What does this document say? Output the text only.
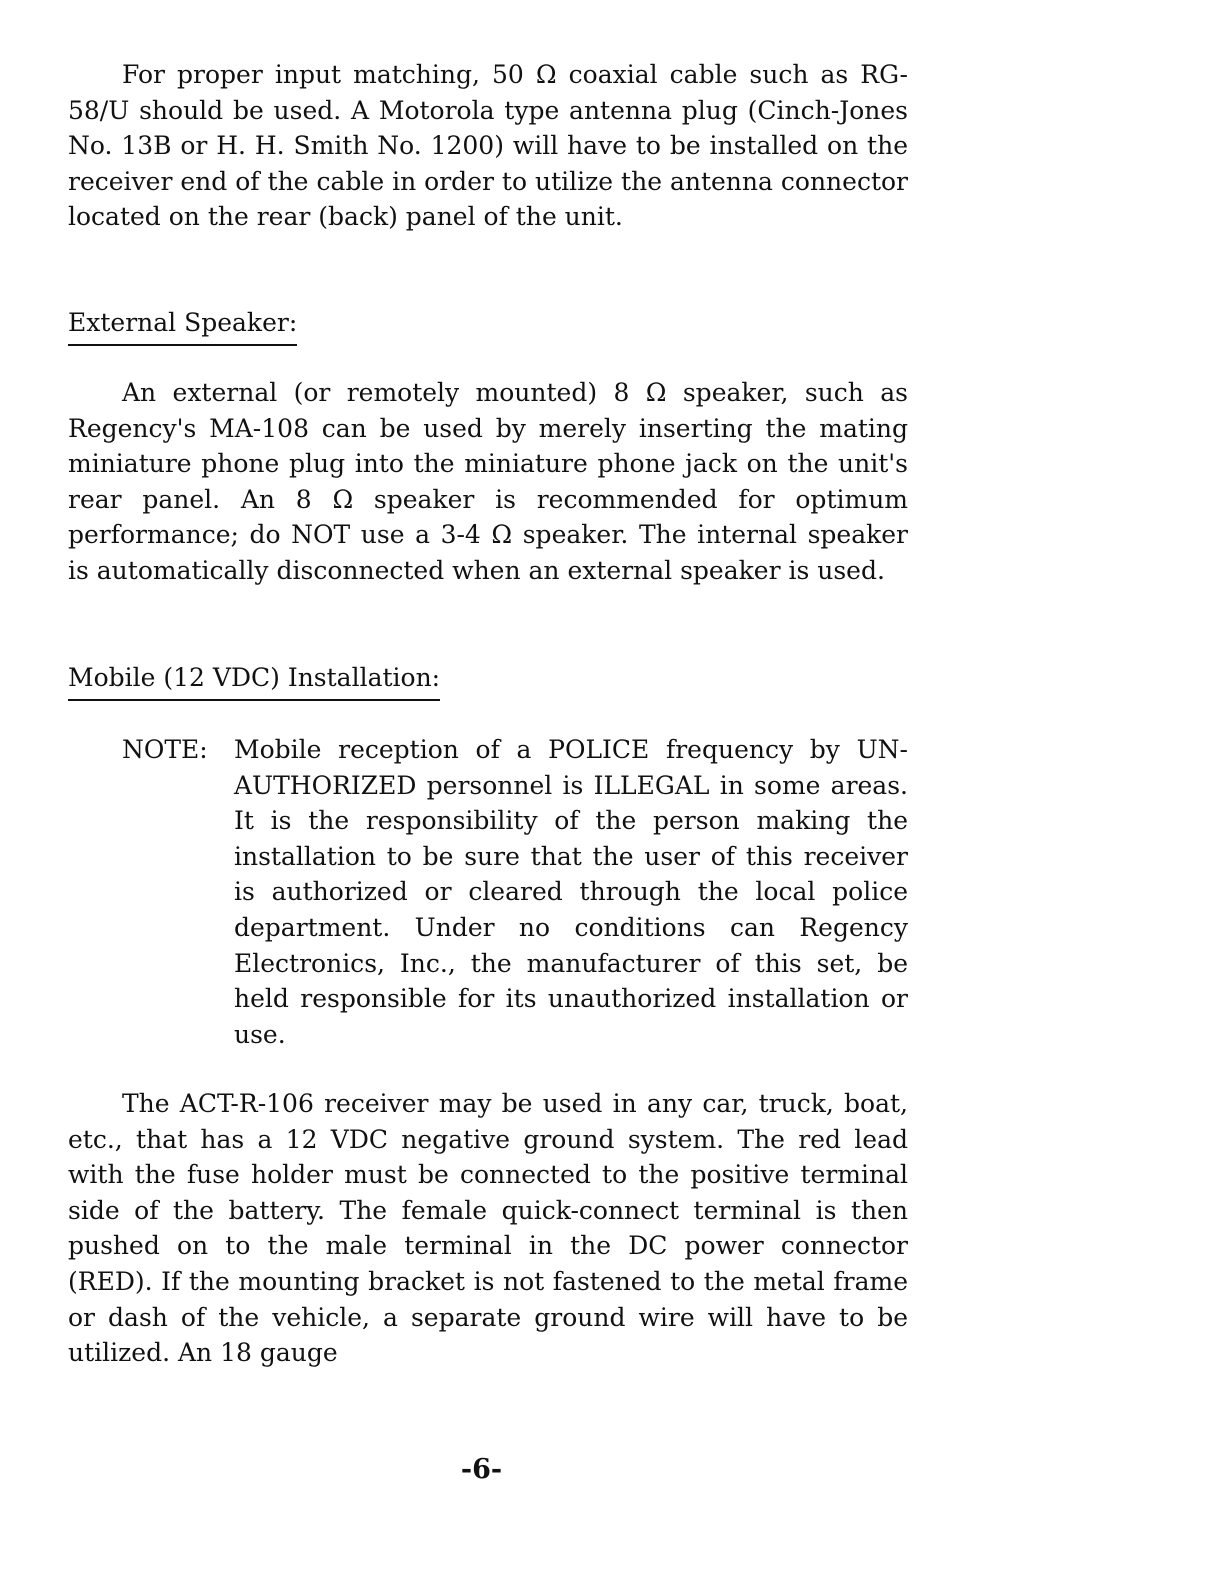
For proper input matching, 50 Ω coaxial cable such as RG-58/U should be used. A Motorola type antenna plug (Cinch-Jones No. 13B or H. H. Smith No. 1200) will have to be installed on the receiver end of the cable in order to utilize the antenna connector located on the rear (back) panel of the unit.

External Speaker:

An external (or remotely mounted) 8 Ω speaker, such as Regency's MA-108 can be used by merely inserting the mating miniature phone plug into the miniature phone jack on the unit's rear panel. An 8 Ω speaker is recommended for optimum performance; do NOT use a 3-4 Ω speaker. The internal speaker is automatically disconnected when an external speaker is used.

Mobile (12 VDC) Installation:
NOTE:	Mobile reception of a POLICE frequency by UN-AUTHORIZED personnel is ILLEGAL in some areas. It is the responsibility of the person making the installation to be sure that the user of this receiver is authorized or cleared through the local police department. Under no conditions can Regency Electronics, Inc., the manufacturer of this set, be held responsible for its unauthorized installation or use.

The ACT-R-106 receiver may be used in any car, truck, boat, etc., that has a 12 VDC negative ground system. The red lead with the fuse holder must be connected to the positive terminal side of the battery. The female quick-connect terminal is then pushed on to the male terminal in the DC power connector (RED). If the mounting bracket is not fastened to the metal frame or dash of the vehicle, a separate ground wire will have to be utilized. An 18 gauge

-6-
